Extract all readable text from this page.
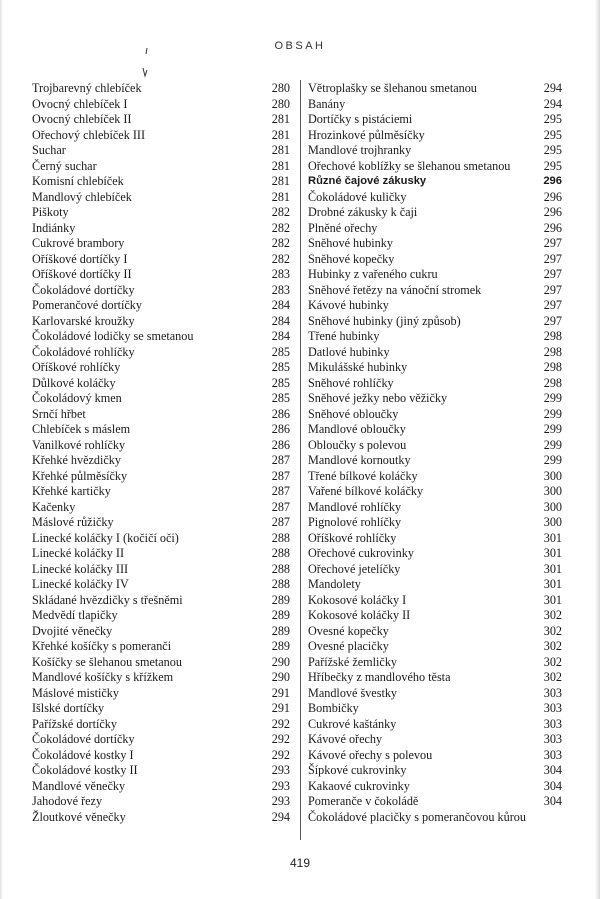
OBSAH
Trojbarevný chlebíček	280
Ovocný chlebíček I	280
Ovocný chlebíček II	281
Ořechový chlebíček III	281
Suchar	281
Černý suchar	281
Komisní chlebíček	281
Mandlový chlebíček	281
Piškoty	282
Indiánky	282
Cukrové brambory	282
Oříškové dortíčky I	282
Oříškové dortíčky II	283
Čokoládové dortíčky	283
Pomerančové dortíčky	284
Karlovarské kroužky	284
Čokoládové lodičky se smetanou	284
Čokoládové rohlíčky	285
Oříškové rohlíčky	285
Důlkové koláčky	285
Čokoládový kmen	285
Srnčí hřbet	286
Chlebíček s máslem	286
Vanilkové rohlíčky	286
Křehké hvězdičky	287
Křehké půlměsíčky	287
Křehké kartičky	287
Kačenky	287
Máslové růžičky	287
Linecké koláčky I (kočičí oči)	288
Linecké koláčky II	288
Linecké koláčky III	288
Linecké koláčky IV	288
Skládané hvězdičky s třešněmi	289
Medvědí tlapičky	289
Dvojité věnečky	289
Křehké košíčky s pomeranči	289
Košíčky se šlehanou smetanou	290
Mandlové košíčky s křížkem	290
Máslové mističky	291
Išlské dortíčky	291
Pařížské dortíčky	292
Čokoládové dortíčky	292
Čokoládové kostky I	292
Čokoládové kostky II	293
Mandlové věnečky	293
Jahodové řezy	293
Žloutkové věnečky	294
Větroplašky se šlehanou smetanou	294
Banány	294
Dortíčky s pistáciemi	295
Hrozinkové půlměsíčky	295
Mandlové trojhranky	295
Ořechové koblížky se šlehanou smetanou	295
Různé čajové zákusky	296
Čokoládové kuličky	296
Drobné zákusky k čaji	296
Plněné ořechy	296
Sněhové hubinky	297
Sněhové kopečky	297
Hubinky z vařeného cukru	297
Sněhové řetězy na vánoční stromek	297
Kávové hubinky	297
Sněhové hubinky (jiný způsob)	297
Třené hubinky	298
Datlové hubinky	298
Mikulášské hubinky	298
Sněhové rohlíčky	298
Sněhové ježky nebo věžičky	299
Sněhové obloučky	299
Mandlové obloučky	299
Obloučky s polevou	299
Mandlové kornoutky	299
Třené bílkové koláčky	300
Vařené bílkové koláčky	300
Mandlové rohlíčky	300
Pignolové rohlíčky	300
Oříškové rohlíčky	301
Ořechové cukrovinky	301
Ořechové jetelíčky	301
Mandolety	301
Kokosové koláčky I	301
Kokosové koláčky II	302
Ovesné kopečky	302
Ovesné placičky	302
Pařížské žemličky	302
Hříbečky z mandlového těsta	302
Mandlové švestky	303
Bombičky	303
Cukrové kaštánky	303
Kávové ořechy	303
Kávové ořechy s polevou	303
Šípkové cukrovinky	304
Kakaové cukrovinky	304
Pomeranče v čokoládě	304
Čokoládové placičky s pomerančovou kůrou
419
